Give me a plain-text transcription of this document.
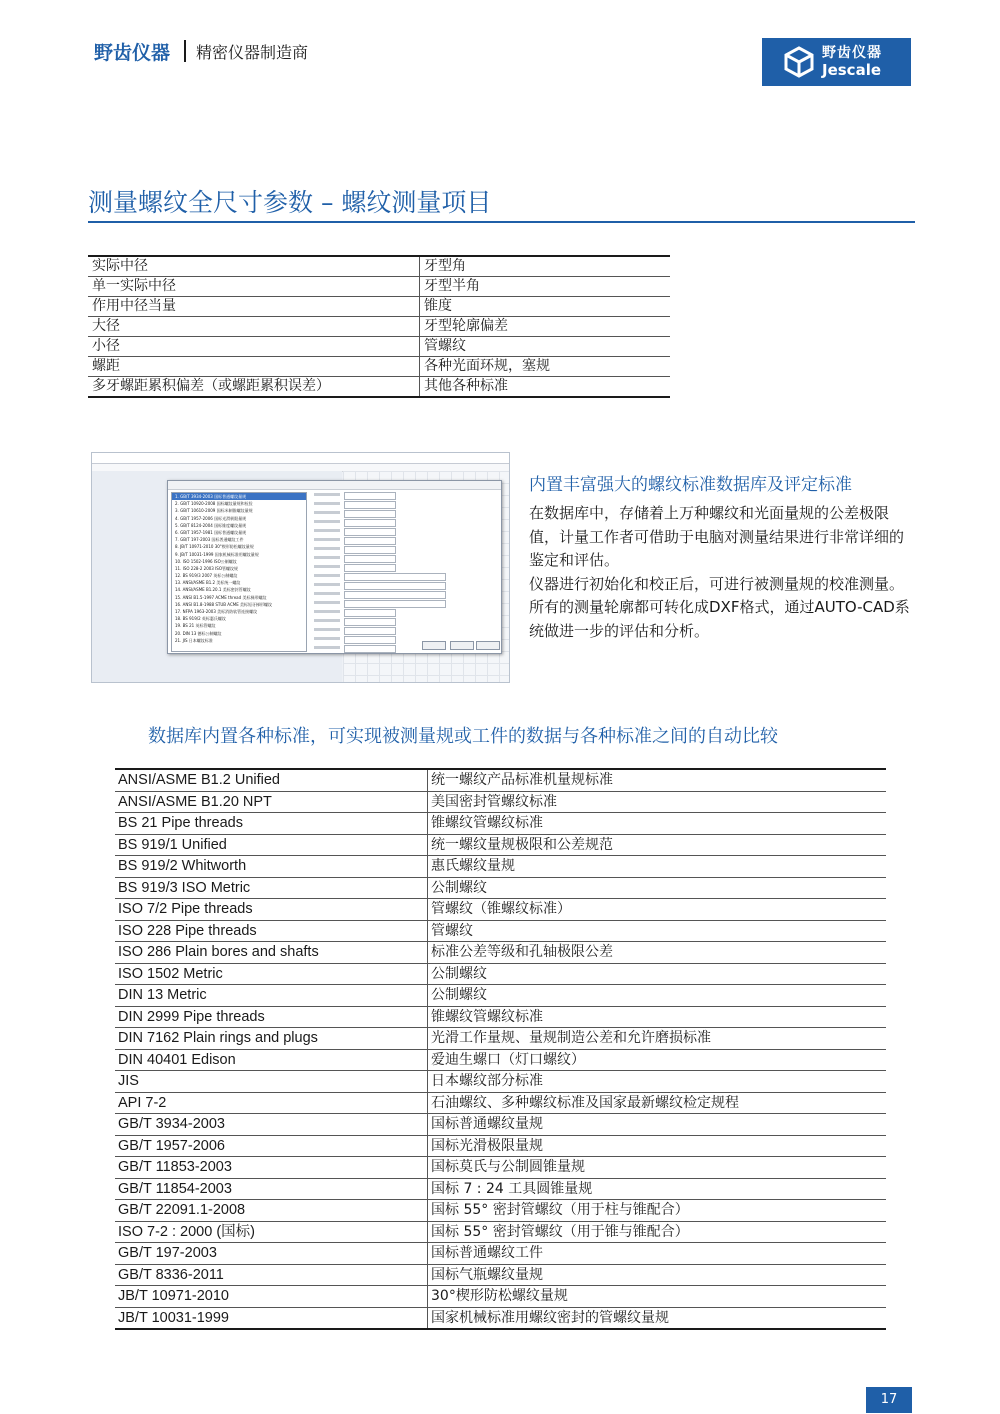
野齿仪器 精密仪器制造商	野齿仪器
Jescale
测量螺纹全尺寸参数 – 螺纹测量项目
实际中径	牙型角
单一实际中径	牙型半角
作用中径当量	锥度
大径	牙型轮廓偏差
小径	管螺纹
螺距	各种光面环规，塞规
多牙螺距累积偏差（或螺距累积误差）	其他各种标准
1. GB/T 3934-2003 国标普通螺纹量规
2. GB/T 10920-2008 国标螺纹量规和检验
3. GB/T 10610-2009 国标米制锥螺纹量规
4. GB/T 1957-2006 国标光滑极限量规
5. GB/T 8124-2004 国标锥度螺纹量规
6. GB/T 1957-1981 国标普通螺纹量规
7. GB/T 197-2003 国标普通螺纹工件
8. JB/T 10971-2010 30°楔形防松螺纹量规
9. JB/T 10031-1999 国家机械标准用螺纹量规
10. ISO 1502-1996 ISO公制螺纹
11. ISO 228-2 2003 ISO管螺纹规
12. BS 919/3 2007 英标公制螺纹
13. ANSI/ASME B1.2 美标统一螺纹
14. ANSI/ASME B1.20.1 美标密封管螺纹
15. ANSI B1.5-1997 ACME thread 美标梯形螺纹
16. ANSI B1.8-1988 STUB ACME 美标短牙梯形螺纹
17. NFPA 1963-2003 美标消防软管连接螺纹
18. BS 919/2 英标惠氏螺纹
19. BS 21 英标管螺纹
20. DIN 13 德标公制螺纹
21. JIS 日本螺纹标准
内置丰富强大的螺纹标准数据库及评定标准

在数据库中，存储着上万种螺纹和光面量规的公差极限值，计量工作者可借助于电脑对测量结果进行非常详细的鉴定和评估。

仪器进行初始化和校正后，可进行被测量规的校准测量。

所有的测量轮廓都可转化成DXF格式，通过AUTO-CAD系统做进一步的评估和分析。

数据库内置各种标准，可实现被测量规或工件的数据与各种标准之间的自动比较
ANSI/ASME B1.2 Unified	统一螺纹产品标准机量规标准
ANSI/ASME B1.20 NPT	美国密封管螺纹标准
BS 21 Pipe threads	锥螺纹管螺纹标准
BS 919/1 Unified	统一螺纹量规极限和公差规范
BS 919/2 Whitworth	惠氏螺纹量规
BS 919/3 ISO Metric	公制螺纹
ISO 7/2 Pipe threads	管螺纹（锥螺纹标准）
ISO 228 Pipe threads	管螺纹
ISO 286 Plain bores and shafts	标准公差等级和孔轴极限公差
ISO 1502 Metric	公制螺纹
DIN 13 Metric	公制螺纹
DIN 2999 Pipe threads	锥螺纹管螺纹标准
DIN 7162 Plain rings and plugs	光滑工作量规、量规制造公差和允许磨损标准
DIN 40401 Edison	爱迪生螺口（灯口螺纹）
JIS	日本螺纹部分标准
API 7-2	石油螺纹、多种螺纹标准及国家最新螺纹检定规程
GB/T 3934-2003	国标普通螺纹量规
GB/T 1957-2006	国标光滑极限量规
GB/T 11853-2003	国标莫氏与公制圆锥量规
GB/T 11854-2003	国标 7 : 24 工具圆锥量规
GB/T 22091.1-2008	国标 55° 密封管螺纹（用于柱与锥配合）
ISO 7-2 : 2000 (国标)	国标 55° 密封管螺纹（用于锥与锥配合）
GB/T 197-2003	国标普通螺纹工件
GB/T 8336-2011	国标气瓶螺纹量规
JB/T 10971-2010	30°楔形防松螺纹量规
JB/T 10031-1999	国家机械标准用螺纹密封的管螺纹量规
17
